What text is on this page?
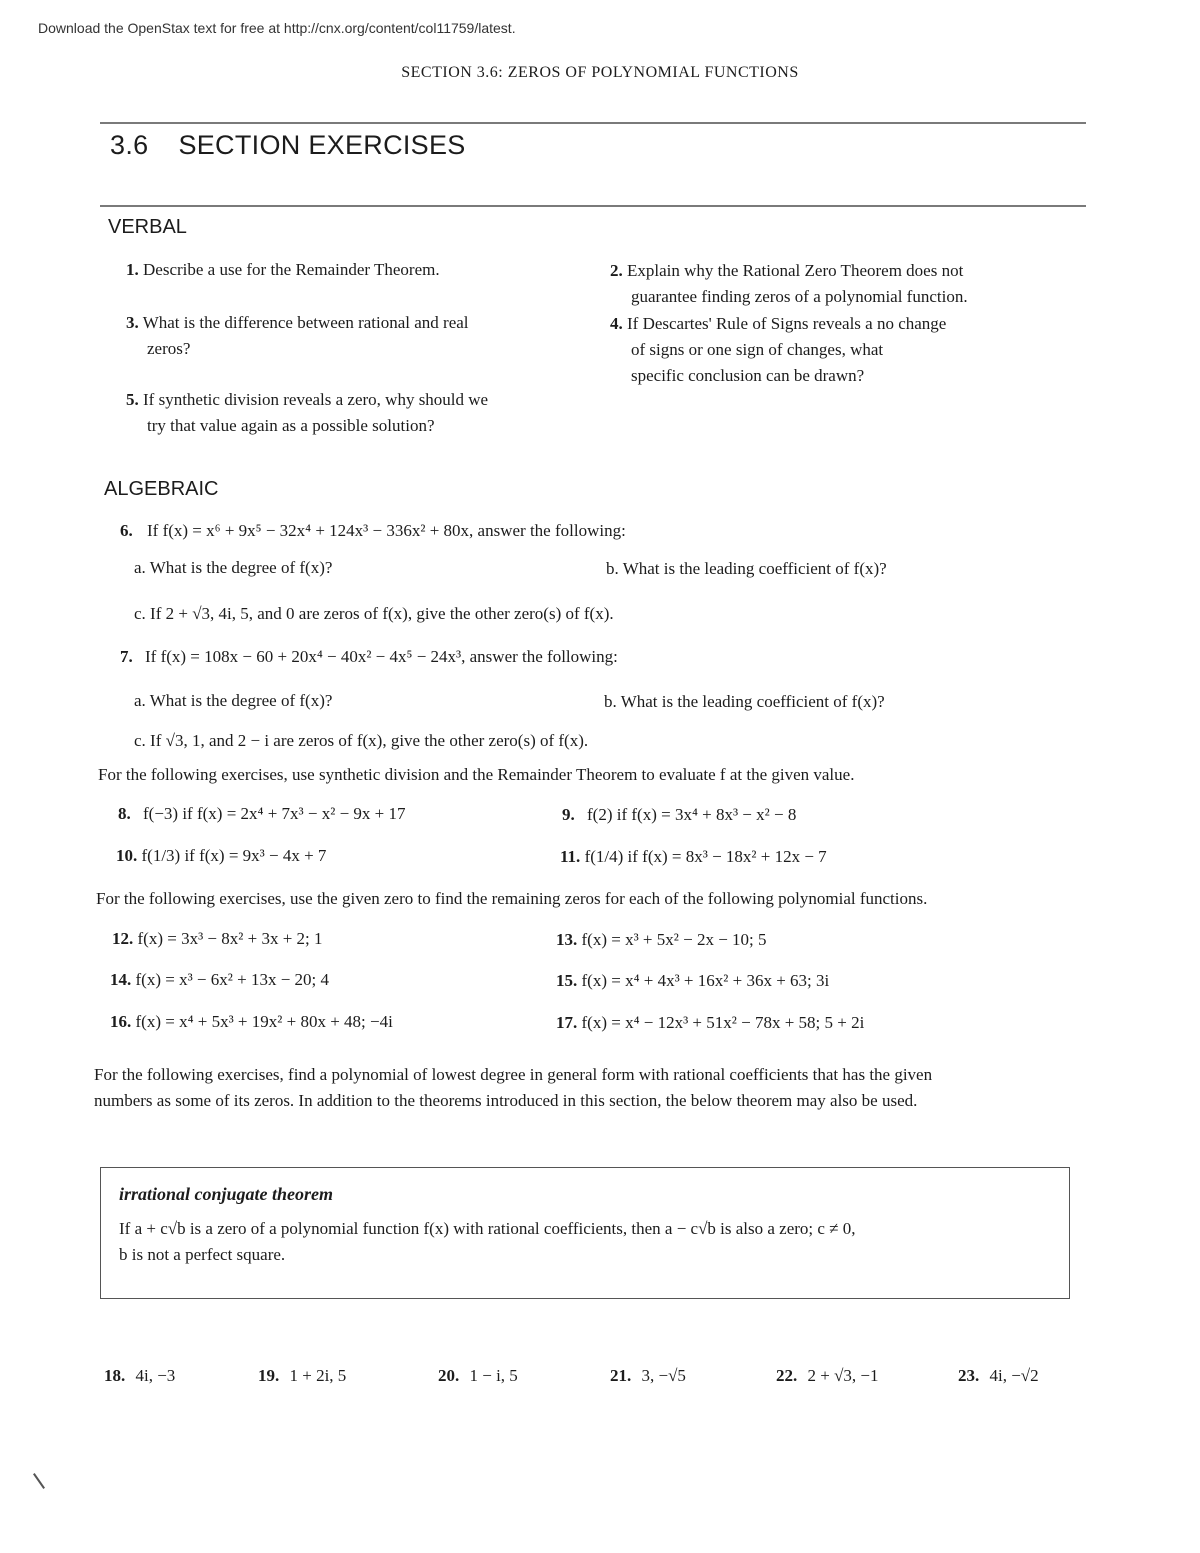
Download the OpenStax text for free at http://cnx.org/content/col11759/latest.
SECTION 3.6: ZEROS OF POLYNOMIAL FUNCTIONS
3.6 SECTION EXERCISES
VERBAL
1. Describe a use for the Remainder Theorem.	2. Explain why the Rational Zero Theorem does not
guarantee finding zeros of a polynomial function.
3. What is the difference between rational and real
zeros?
4. If Descartes' Rule of Signs reveals a no change
of signs or one sign of changes, what
specific conclusion can be drawn?
5. If synthetic division reveals a zero, why should we
try that value again as a possible solution?
ALGEBRAIC
6. If f(x) = x⁶ + 9x⁵ − 32x⁴ + 124x³ − 336x² + 80x, answer the following:
a. What is the degree of f(x)?	b. What is the leading coefficient of f(x)?
c. If 2 + √3, 4i, 5, and 0 are zeros of f(x), give the other zero(s) of f(x).
7. If f(x) = 108x − 60 + 20x⁴ − 40x² − 4x⁵ − 24x³, answer the following:
a. What is the degree of f(x)?	b. What is the leading coefficient of f(x)?
c. If √3, 1, and 2 − i are zeros of f(x), give the other zero(s) of f(x).
For the following exercises, use synthetic division and the Remainder Theorem to evaluate f at the given value.
8. f(−3) if f(x) = 2x⁴ + 7x³ − x² − 9x + 17	9. f(2) if f(x) = 3x⁴ + 8x³ − x² − 8
10. f(1/3) if f(x) = 9x³ − 4x + 7	11. f(1/4) if f(x) = 8x³ − 18x² + 12x − 7
For the following exercises, use the given zero to find the remaining zeros for each of the following polynomial functions.
12. f(x) = 3x³ − 8x² + 3x + 2; 1	13. f(x) = x³ + 5x² − 2x − 10; 5
14. f(x) = x³ − 6x² + 13x − 20; 4	15. f(x) = x⁴ + 4x³ + 16x² + 36x + 63; 3i
16. f(x) = x⁴ + 5x³ + 19x² + 80x + 48; −4i	17. f(x) = x⁴ − 12x³ + 51x² − 78x + 58; 5 + 2i
For the following exercises, find a polynomial of lowest degree in general form with rational coefficients that has the given
numbers as some of its zeros. In addition to the theorems introduced in this section, the below theorem may also be used.
irrational conjugate theorem
If a + c√b is a zero of a polynomial function f(x) with rational coefficients, then a − c√b is also a zero; c ≠ 0,
b is not a perfect square.
18. 4i, −3	19. 1 + 2i, 5	20. 1 − i, 5	21. 3, −√5	22. 2 + √3, −1	23. 4i, −√2
